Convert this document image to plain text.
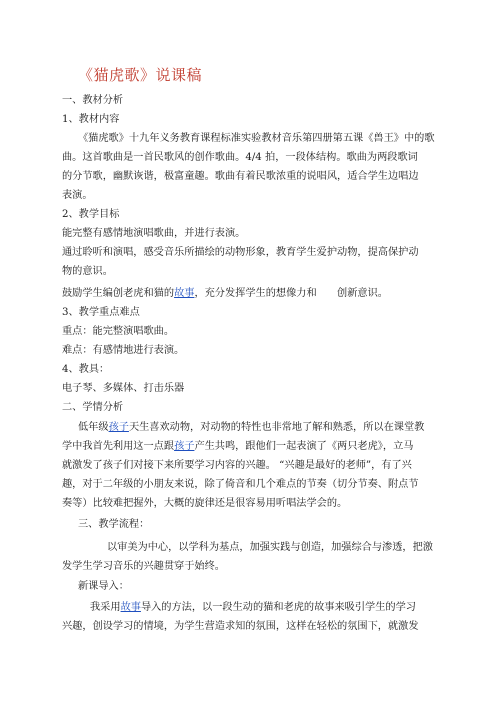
《猫虎歌》说课稿
一、教材分析
1、教材内容
《猫虎歌》十九年义务教育课程标准实验教材音乐第四册第五课《兽王》中的歌
曲。这首歌曲是一首民歌风的创作歌曲。4/4 拍，一段体结构。歌曲为两段歌词
的分节歌，幽默诙谐，极富童趣。歌曲有着民歌浓重的说唱风，适合学生边唱边
表演。
2、教学目标
能完整有感情地演唱歌曲，并进行表演。
通过聆听和演唱，感受音乐所描绘的动物形象，教育学生爱护动物，提高保护动
物的意识。
鼓励学生编创老虎和猫的故事，充分发挥学生的想像力和　　创新意识。
3、教学重点难点
重点：能完整演唱歌曲。
难点：有感情地进行表演。
4、教具：
电子琴、多媒体、打击乐器
二、学情分析
低年级孩子天生喜欢动物，对动物的特性也非常地了解和熟悉，所以在课堂教
学中我首先利用这一点跟孩子产生共鸣，跟他们一起表演了《两只老虎》，立马
就激发了孩子们对接下来所要学习内容的兴趣。 “兴趣是最好的老师”，有了兴
趣，对于二年级的小朋友来说，除了倚音和几个难点的节奏（切分节奏、附点节
奏等）比较难把握外，大概的旋律还是很容易用听唱法学会的。
三、教学流程：
以审美为中心，以学科为基点，加强实践与创造，加强综合与渗透，把激
发学生学习音乐的兴趣贯穿于始终。
新课导入：
我采用故事导入的方法，以一段生动的猫和老虎的故事来吸引学生的学习
兴趣，创设学习的情境，为学生营造求知的氛围，这样在轻松的氛围下，就激发
